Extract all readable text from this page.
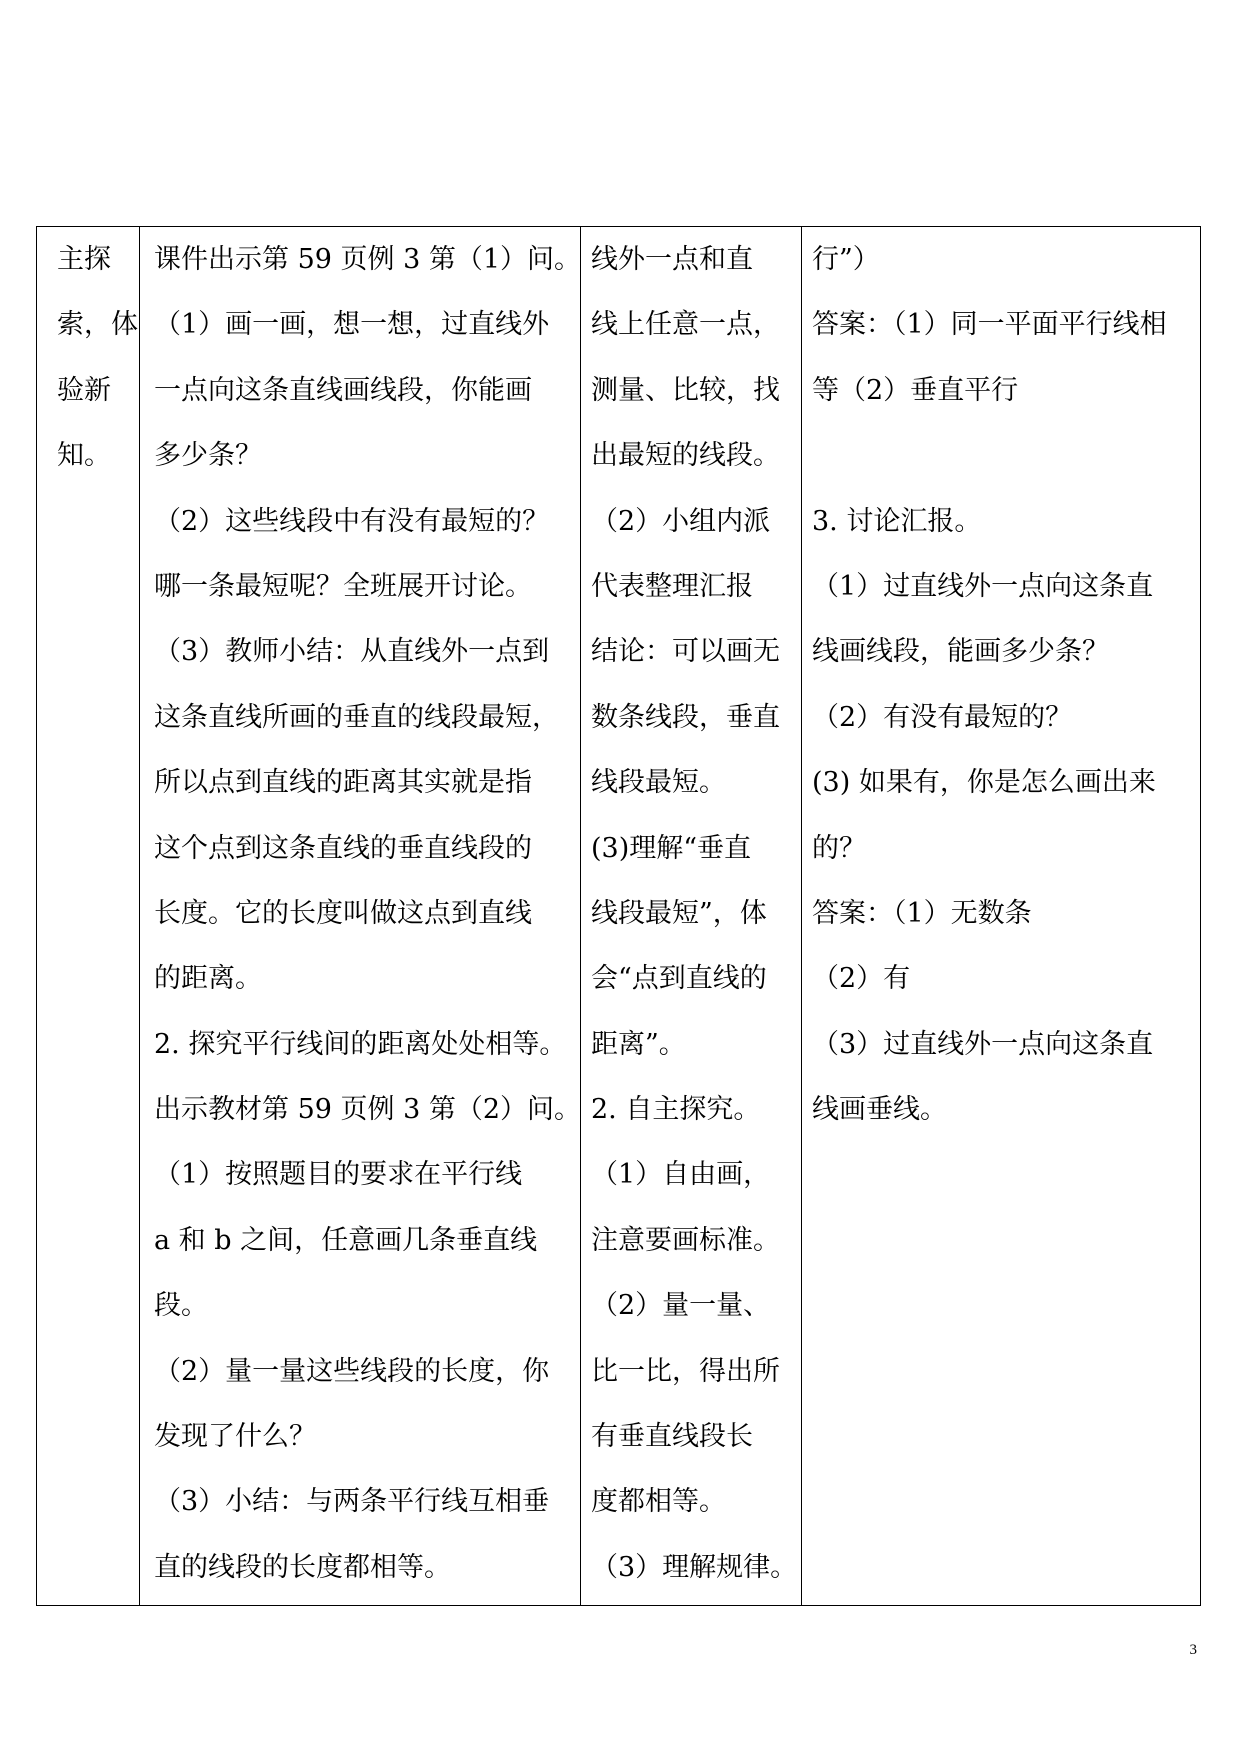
主探
索，体
验新
知。

课件出示第 59 页例 3 第（1）问。
（1）画一画，想一想，过直线外
一点向这条直线画线段，你能画
多少条？
（2）这些线段中有没有最短的？
哪一条最短呢？全班展开讨论。
（3）教师小结：从直线外一点到
这条直线所画的垂直的线段最短，
所以点到直线的距离其实就是指
这个点到这条直线的垂直线段的
长度。它的长度叫做这点到直线
的距离。
2. 探究平行线间的距离处处相等。
出示教材第 59 页例 3 第（2）问。
（1）按照题目的要求在平行线
a 和 b 之间，任意画几条垂直线
段。
（2）量一量这些线段的长度，你
发现了什么？
（3）小结：与两条平行线互相垂
直的线段的长度都相等。

线外一点和直
线上任意一点，
测量、比较，找
出最短的线段。
（2）小组内派
代表整理汇报
结论：可以画无
数条线段，垂直
线段最短。
(3)理解“垂直
线段最短”，体
会“点到直线的
距离”。
2. 自主探究。
（1）自由画，
注意要画标准。
（2）量一量、
比一比，得出所
有垂直线段长
度都相等。
（3）理解规律。

行”）
答案：（1）同一平面平行线相
等（2）垂直平行
3. 讨论汇报。
（1）过直线外一点向这条直
线画线段，能画多少条？
（2）有没有最短的？
(3) 如果有，你是怎么画出来
的？
答案：（1）无数条
（2）有
（3）过直线外一点向这条直
线画垂线。
3
